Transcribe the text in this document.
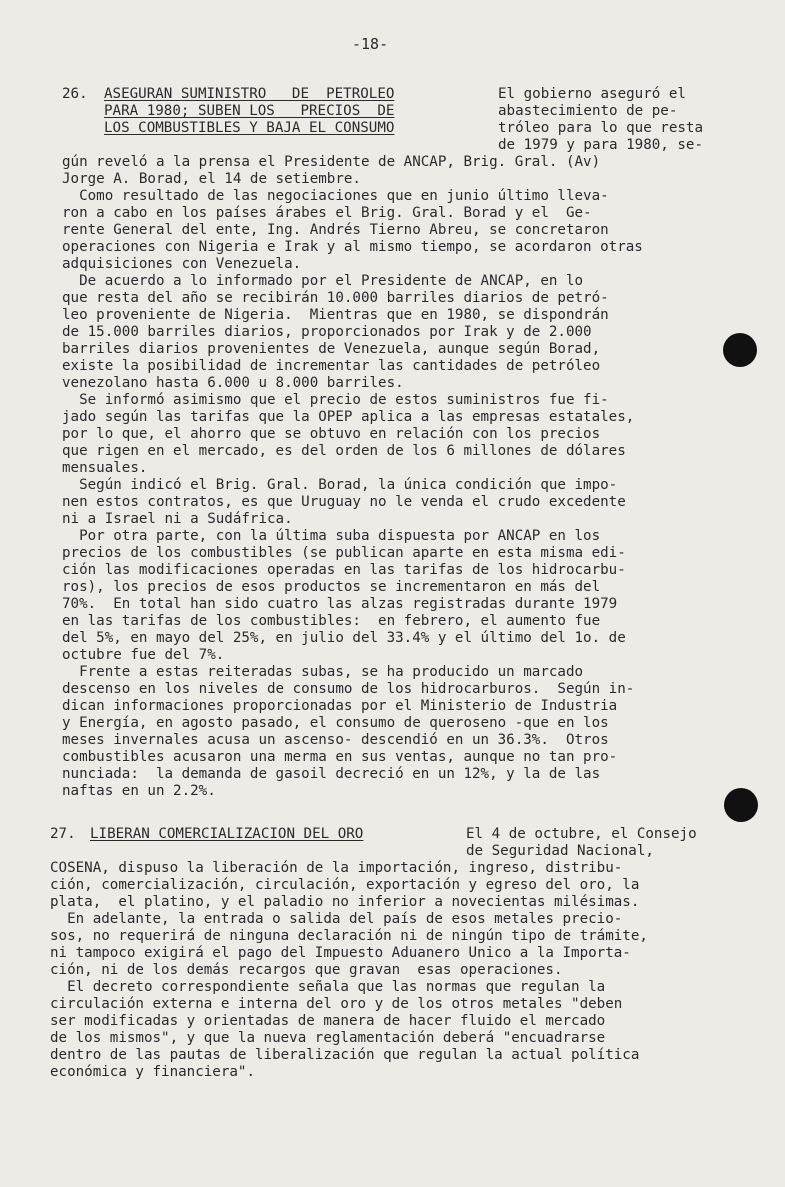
-18-
26. ASEGURAN SUMINISTRO   DE  PETROLEO
PARA 1980; SUBEN LOS   PRECIOS  DE
LOS COMBUSTIBLES Y BAJA EL CONSUMO
El gobierno aseguró el
abastecimiento de pe-
tróleo para lo que resta
de 1979 y para 1980, se-
gún reveló a la prensa el Presidente de ANCAP, Brig. Gral. (Av)
Jorge A. Borad, el 14 de setiembre.
Como resultado de las negociaciones que en junio último lleva-
ron a cabo en los países árabes el Brig. Gral. Borad y el  Ge-
rente General del ente, Ing. Andrés Tierno Abreu, se concretaron
operaciones con Nigeria e Irak y al mismo tiempo, se acordaron otras
adquisiciones con Venezuela.
De acuerdo a lo informado por el Presidente de ANCAP, en lo
que resta del año se recibirán 10.000 barriles diarios de petró-
leo proveniente de Nigeria.  Mientras que en 1980, se dispondrán
de 15.000 barriles diarios, proporcionados por Irak y de 2.000
barriles diarios provenientes de Venezuela, aunque según Borad,
existe la posibilidad de incrementar las cantidades de petróleo
venezolano hasta 6.000 u 8.000 barriles.
Se informó asimismo que el precio de estos suministros fue fi-
jado según las tarifas que la OPEP aplica a las empresas estatales,
por lo que, el ahorro que se obtuvo en relación con los precios
que rigen en el mercado, es del orden de los 6 millones de dólares
mensuales.
Según indicó el Brig. Gral. Borad, la única condición que impo-
nen estos contratos, es que Uruguay no le venda el crudo excedente
ni a Israel ni a Sudáfrica.
Por otra parte, con la última suba dispuesta por ANCAP en los
precios de los combustibles (se publican aparte en esta misma edi-
ción las modificaciones operadas en las tarifas de los hidrocarbu-
ros), los precios de esos productos se incrementaron en más del
70%.  En total han sido cuatro las alzas registradas durante 1979
en las tarifas de los combustibles:  en febrero, el aumento fue
del 5%, en mayo del 25%, en julio del 33.4% y el último del 1o. de
octubre fue del 7%.
Frente a estas reiteradas subas, se ha producido un marcado
descenso en los niveles de consumo de los hidrocarburos.  Según in-
dican informaciones proporcionadas por el Ministerio de Industria
y Energía, en agosto pasado, el consumo de queroseno -que en los
meses invernales acusa un ascenso- descendió en un 36.3%.  Otros
combustibles acusaron una merma en sus ventas, aunque no tan pro-
nunciada:  la demanda de gasoil decreció en un 12%, y la de las
naftas en un 2.2%.
27. LIBERAN COMERCIALIZACION DEL ORO	El 4 de octubre, el Consejo
de Seguridad Nacional,
COSENA, dispuso la liberación de la importación, ingreso, distribu-
ción, comercialización, circulación, exportación y egreso del oro, la
plata,  el platino, y el paladio no inferior a novecientas milésimas.
En adelante, la entrada o salida del país de esos metales precio-
sos, no requerirá de ninguna declaración ni de ningún tipo de trámite,
ni tampoco exigirá el pago del Impuesto Aduanero Unico a la Importa-
ción, ni de los demás recargos que gravan  esas operaciones.
El decreto correspondiente señala que las normas que regulan la
circulación externa e interna del oro y de los otros metales "deben
ser modificadas y orientadas de manera de hacer fluido el mercado
de los mismos", y que la nueva reglamentación deberá "encuadrarse
dentro de las pautas de liberalización que regulan la actual política
económica y financiera".
